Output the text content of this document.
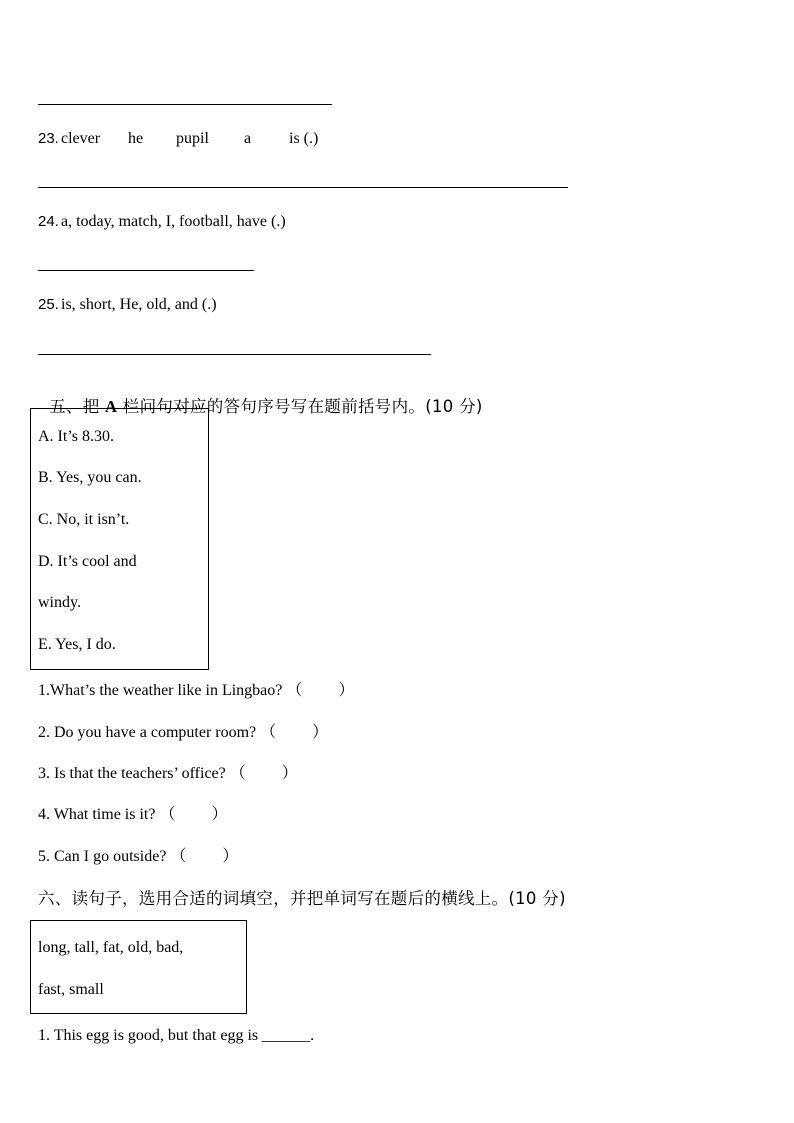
23. clever he pupil a is (.)
24. a, today, match, I, football, have (.)
25. is, short, He, old, and (.)

五、把 A 栏问句对应的答句序号写在题前括号内。(10 分)

A. It’s 8.30.
B. Yes, you can.
C. No, it isn’t.
D. It’s cool and
windy.
E. Yes, I do.
1.What’s the weather like in Lingbao? （         ）
2. Do you have a computer room? （         ）
3. Is that the teachers’ office? （         ）
4. What time is it? （         ）
5. Can I go outside? （         ）
六、读句子，选用合适的词填空，并把单词写在题后的横线上。(10 分)
long, tall, fat, old, bad,
fast, small
1. This egg is good, but that egg is ______.
